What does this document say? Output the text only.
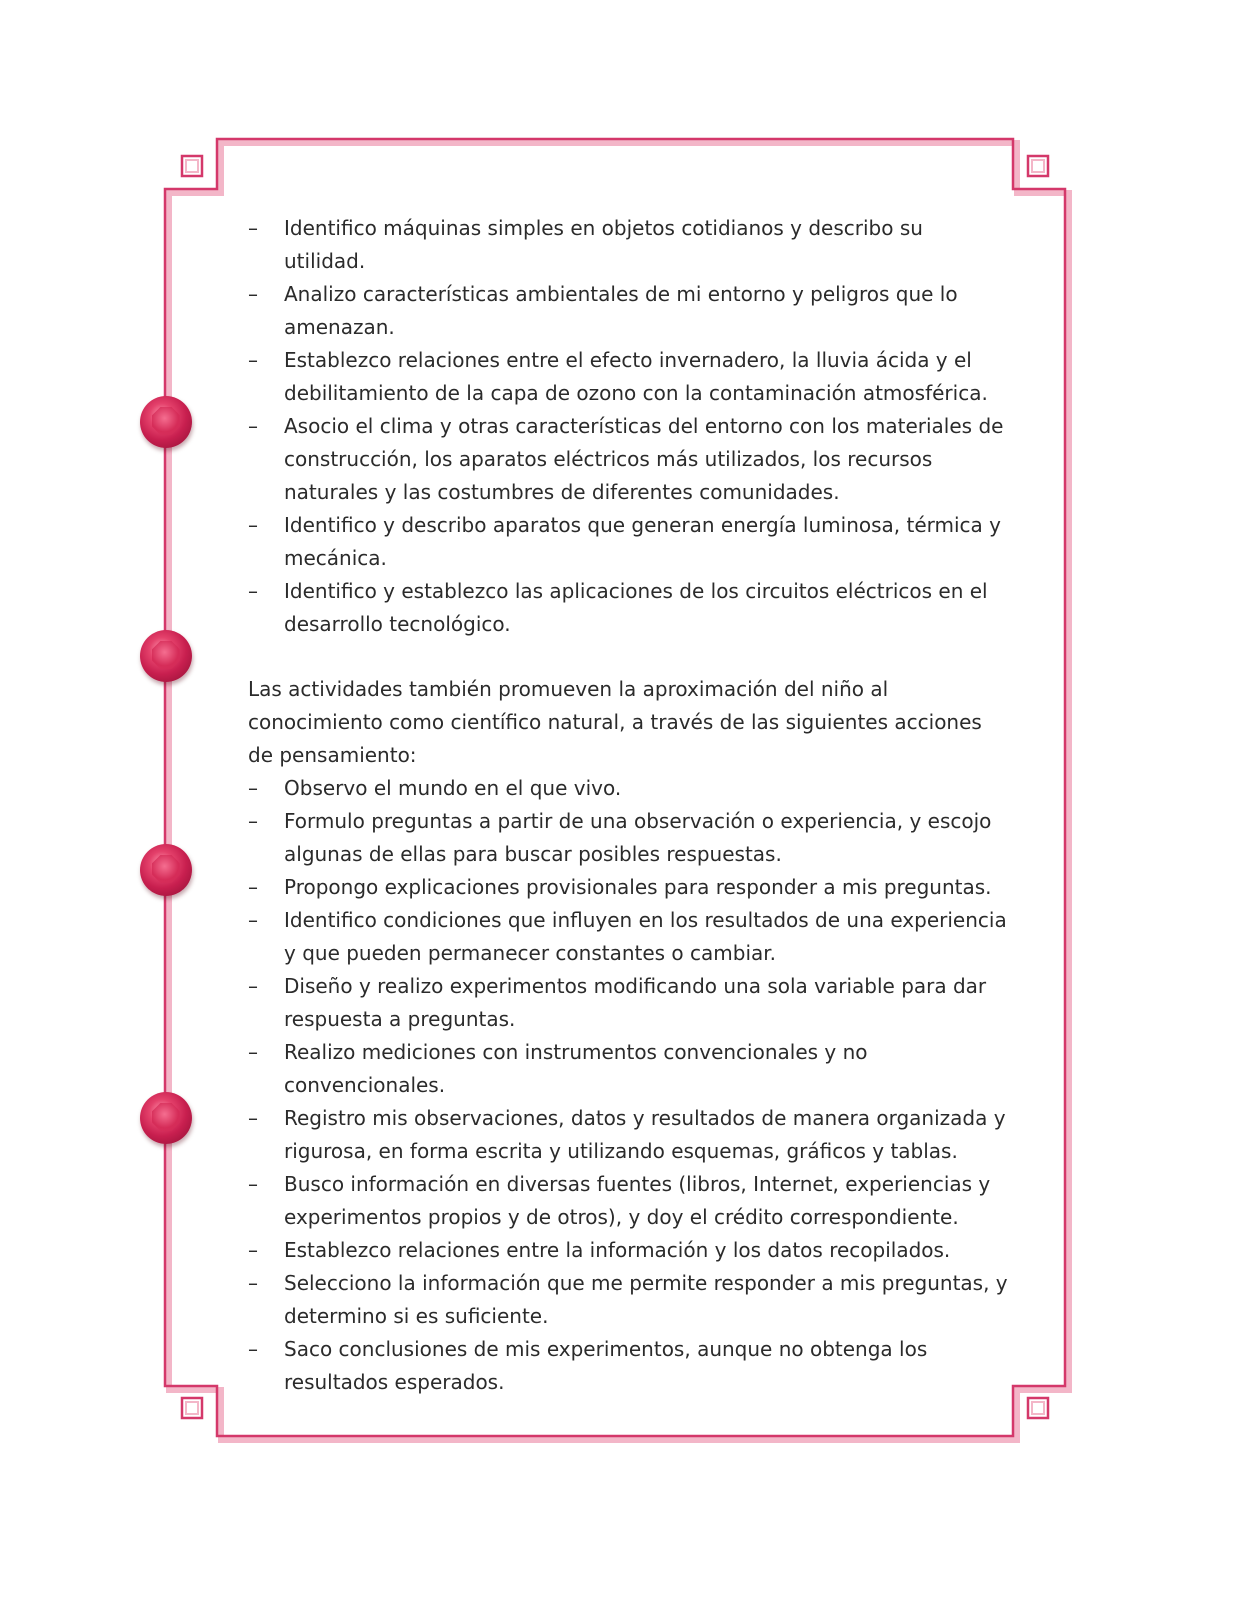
– Identifico máquinas simples en objetos cotidianos y describo su utilidad.
– Analizo características ambientales de mi entorno y peligros que lo amenazan.
– Establezco relaciones entre el efecto invernadero, la lluvia ácida y el debilitamiento de la capa de ozono con la contaminación atmosférica.
– Asocio el clima y otras características del entorno con los materiales de construcción, los aparatos eléctricos más utilizados, los recursos naturales y las costumbres de diferentes comunidades.
– Identifico y describo aparatos que generan energía luminosa, térmica y mecánica.
– Identifico y establezco las aplicaciones de los circuitos eléctricos en el desarrollo tecnológico.

Las actividades también promueven la aproximación del niño al conocimiento como científico natural, a través de las siguientes acciones de pensamiento:

– Observo el mundo en el que vivo.
– Formulo preguntas a partir de una observación o experiencia, y escojo algunas de ellas para buscar posibles respuestas.
– Propongo explicaciones provisionales para responder a mis preguntas.
– Identifico condiciones que influyen en los resultados de una experiencia y que pueden permanecer constantes o cambiar.
– Diseño y realizo experimentos modificando una sola variable para dar respuesta a preguntas.
– Realizo mediciones con instrumentos convencionales y no convencionales.
– Registro mis observaciones, datos y resultados de manera organizada y rigurosa, en forma escrita y utilizando esquemas, gráficos y tablas.
– Busco información en diversas fuentes (libros, Internet, experiencias y experimentos propios y de otros), y doy el crédito correspondiente.
– Establezco relaciones entre la información y los datos recopilados.
– Selecciono la información que me permite responder a mis preguntas, y determino si es suficiente.
– Saco conclusiones de mis experimentos, aunque no obtenga los resultados esperados.
